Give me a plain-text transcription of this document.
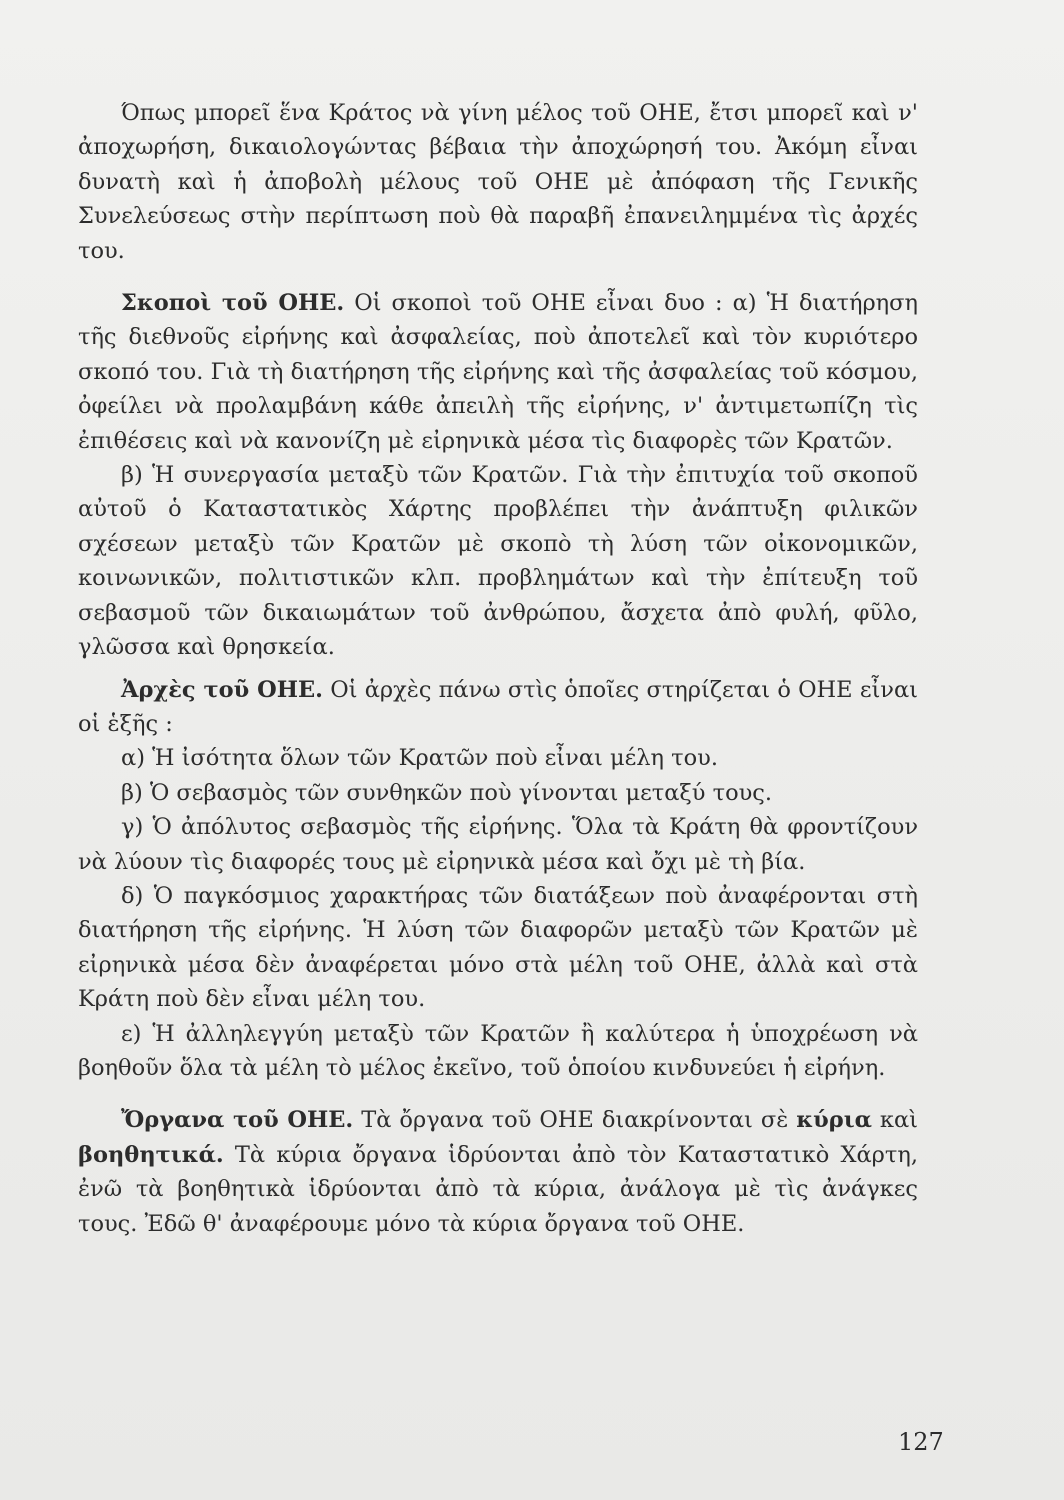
Όπως μπορεῖ ἕνα Κράτος νὰ γίνη μέλος τοῦ ΟΗΕ, ἔτσι μπορεῖ καὶ ν' ἀποχωρήση, δικαιολογώντας βέβαια τὴν ἀποχώρησή του. Ἀκόμη εἶναι δυνατὴ καὶ ἡ ἀποβολὴ μέλους τοῦ ΟΗΕ μὲ ἀπόφαση τῆς Γενικῆς Συνελεύσεως στὴν περίπτωση ποὺ θὰ παραβῆ ἐπανειλημμένα τὶς ἀρχές του.

Σκοποὶ τοῦ ΟΗΕ. Οἱ σκοποὶ τοῦ ΟΗΕ εἶναι δυο : α) Ἡ διατήρηση τῆς διεθνοῦς εἰρήνης καὶ ἀσφαλείας, ποὺ ἀποτελεῖ καὶ τὸν κυριότερο σκοπό του. Γιὰ τὴ διατήρηση τῆς εἰρήνης καὶ τῆς ἀσφαλείας τοῦ κόσμου, ὀφείλει νὰ προλαμβάνη κάθε ἀπειλὴ τῆς εἰρήνης, ν' ἀντιμετωπίζη τὶς ἐπιθέσεις καὶ νὰ κανονίζη μὲ εἰρηνικὰ μέσα τὶς διαφορὲς τῶν Κρατῶν.

β) Ἡ συνεργασία μεταξὺ τῶν Κρατῶν. Γιὰ τὴν ἐπιτυχία τοῦ σκοποῦ αὐτοῦ ὁ Καταστατικὸς Χάρτης προβλέπει τὴν ἀνάπτυξη φιλικῶν σχέσεων μεταξὺ τῶν Κρατῶν μὲ σκοπὸ τὴ λύση τῶν οἰκονομικῶν, κοινωνικῶν, πολιτιστικῶν κλπ. προβλημάτων καὶ τὴν ἐπίτευξη τοῦ σεβασμοῦ τῶν δικαιωμάτων τοῦ ἀνθρώπου, ἄσχετα ἀπὸ φυλή, φῦλο, γλῶσσα καὶ θρησκεία.

Ἀρχὲς τοῦ ΟΗΕ. Οἱ ἀρχὲς πάνω στὶς ὁποῖες στηρίζεται ὁ ΟΗΕ εἶναι οἱ ἑξῆς :

α) Ἡ ἰσότητα ὅλων τῶν Κρατῶν ποὺ εἶναι μέλη του.

β) Ὁ σεβασμὸς τῶν συνθηκῶν ποὺ γίνονται μεταξύ τους.

γ) Ὁ ἀπόλυτος σεβασμὸς τῆς εἰρήνης. Ὅλα τὰ Κράτη θὰ φροντίζουν νὰ λύουν τὶς διαφορές τους μὲ εἰρηνικὰ μέσα καὶ ὄχι μὲ τὴ βία.

δ) Ὁ παγκόσμιος χαρακτήρας τῶν διατάξεων ποὺ ἀναφέρονται στὴ διατήρηση τῆς εἰρήνης. Ἡ λύση τῶν διαφορῶν μεταξὺ τῶν Κρατῶν μὲ εἰρηνικὰ μέσα δὲν ἀναφέρεται μόνο στὰ μέλη τοῦ ΟΗΕ, ἀλλὰ καὶ στὰ Κράτη ποὺ δὲν εἶναι μέλη του.

ε) Ἡ ἀλληλεγγύη μεταξὺ τῶν Κρατῶν ἢ καλύτερα ἡ ὑποχρέωση νὰ βοηθοῦν ὅλα τὰ μέλη τὸ μέλος ἐκεῖνο, τοῦ ὁποίου κινδυνεύει ἡ εἰρήνη.

Ὄργανα τοῦ ΟΗΕ. Τὰ ὄργανα τοῦ ΟΗΕ διακρίνονται σὲ κύρια καὶ βοηθητικά. Τὰ κύρια ὄργανα ἱδρύονται ἀπὸ τὸν Καταστατικὸ Χάρτη, ἐνῶ τὰ βοηθητικὰ ἱδρύονται ἀπὸ τὰ κύρια, ἀνάλογα μὲ τὶς ἀνάγκες τους. Ἐδῶ θ' ἀναφέρουμε μόνο τὰ κύρια ὄργανα τοῦ ΟΗΕ.

127
